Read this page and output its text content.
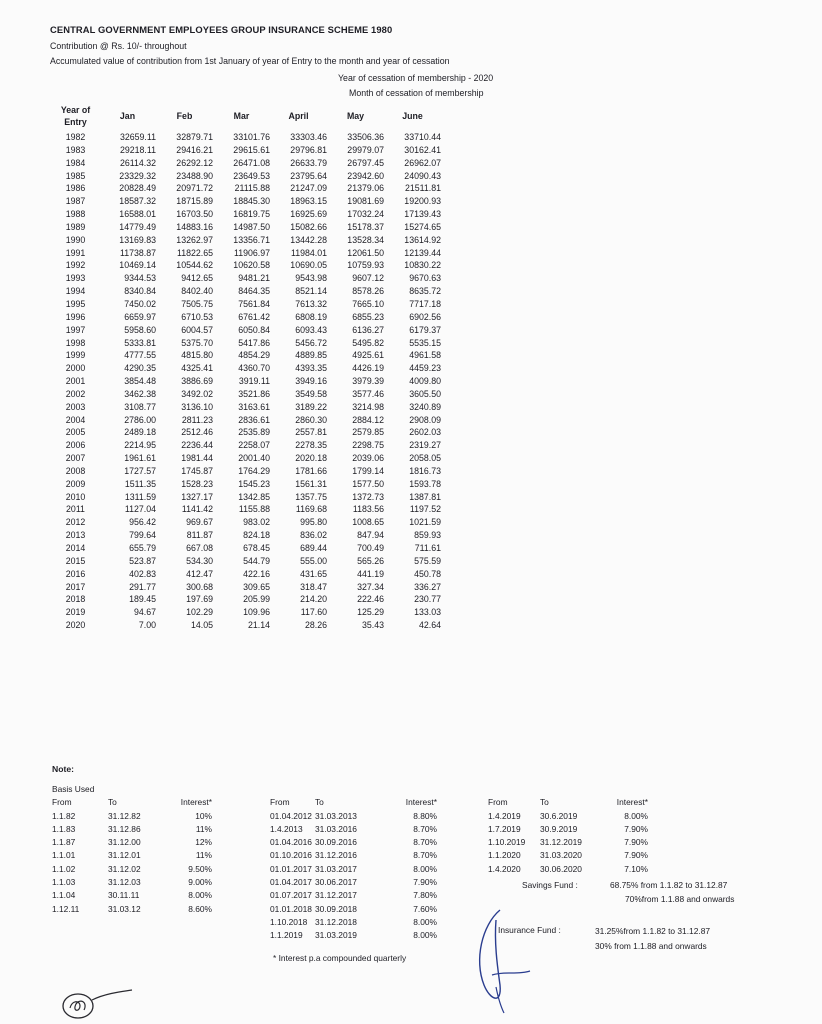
CENTRAL GOVERNMENT EMPLOYEES GROUP INSURANCE SCHEME 1980
Contribution @ Rs. 10/- throughout
Accumulated value of contribution from 1st January of year of Entry to the month and year of cessation
Year of cessation of membership - 2020
Month of cessation of membership
Year of
Entry	Jan	Feb	Mar	April	May	June
1982	32659.11	32879.71	33101.76	33303.46	33506.36	33710.44
1983	29218.11	29416.21	29615.61	29796.81	29979.07	30162.41
1984	26114.32	26292.12	26471.08	26633.79	26797.45	26962.07
1985	23329.32	23488.90	23649.53	23795.64	23942.60	24090.43
1986	20828.49	20971.72	21115.88	21247.09	21379.06	21511.81
1987	18587.32	18715.89	18845.30	18963.15	19081.69	19200.93
1988	16588.01	16703.50	16819.75	16925.69	17032.24	17139.43
1989	14779.49	14883.16	14987.50	15082.66	15178.37	15274.65
1990	13169.83	13262.97	13356.71	13442.28	13528.34	13614.92
1991	11738.87	11822.65	11906.97	11984.01	12061.50	12139.44
1992	10469.14	10544.62	10620.58	10690.05	10759.93	10830.22
1993	9344.53	9412.65	9481.21	9543.98	9607.12	9670.63
1994	8340.84	8402.40	8464.35	8521.14	8578.26	8635.72
1995	7450.02	7505.75	7561.84	7613.32	7665.10	7717.18
1996	6659.97	6710.53	6761.42	6808.19	6855.23	6902.56
1997	5958.60	6004.57	6050.84	6093.43	6136.27	6179.37
1998	5333.81	5375.70	5417.86	5456.72	5495.82	5535.15
1999	4777.55	4815.80	4854.29	4889.85	4925.61	4961.58
2000	4290.35	4325.41	4360.70	4393.35	4426.19	4459.23
2001	3854.48	3886.69	3919.11	3949.16	3979.39	4009.80
2002	3462.38	3492.02	3521.86	3549.58	3577.46	3605.50
2003	3108.77	3136.10	3163.61	3189.22	3214.98	3240.89
2004	2786.00	2811.23	2836.61	2860.30	2884.12	2908.09
2005	2489.18	2512.46	2535.89	2557.81	2579.85	2602.03
2006	2214.95	2236.44	2258.07	2278.35	2298.75	2319.27
2007	1961.61	1981.44	2001.40	2020.18	2039.06	2058.05
2008	1727.57	1745.87	1764.29	1781.66	1799.14	1816.73
2009	1511.35	1528.23	1545.23	1561.31	1577.50	1593.78
2010	1311.59	1327.17	1342.85	1357.75	1372.73	1387.81
2011	1127.04	1141.42	1155.88	1169.68	1183.56	1197.52
2012	956.42	969.67	983.02	995.80	1008.65	1021.59
2013	799.64	811.87	824.18	836.02	847.94	859.93
2014	655.79	667.08	678.45	689.44	700.49	711.61
2015	523.87	534.30	544.79	555.00	565.26	575.59
2016	402.83	412.47	422.16	431.65	441.19	450.78
2017	291.77	300.68	309.65	318.47	327.34	336.27
2018	189.45	197.69	205.99	214.20	222.46	230.77
2019	94.67	102.29	109.96	117.60	125.29	133.03
2020	7.00	14.05	21.14	28.26	35.43	42.64
Note:
Basis Used		
From	To	Interest*
1.1.82	31.12.82	10%
1.1.83	31.12.86	11%
1.1.87	31.12.00	12%
1.1.01	31.12.01	11%
1.1.02	31.12.02	9.50%
1.1.03	31.12.03	9.00%
1.1.04	30.11.11	8.00%
1.12.11	31.03.12	8.60%

From	To	Interest*
01.04.2012	31.03.2013	8.80%
1.4.2013	31.03.2016	8.70%
01.04.2016	30.09.2016	8.70%
01.10.2016	31.12.2016	8.70%
01.01.2017	31.03.2017	8.00%
01.04.2017	30.06.2017	7.90%
01.07.2017	31.12.2017	7.80%
01.01.2018	30.09.2018	7.60%
1.10.2018	31.12.2018	8.00%
1.1.2019	31.03.2019	8.00%

From	To	Interest*
1.4.2019	30.6.2019	8.00%
1.7.2019	30.9.2019	7.90%
1.10.2019	31.12.2019	7.90%
1.1.2020	31.03.2020	7.90%
1.4.2020	30.06.2020	7.10%
* Interest p.a compounded quarterly
Savings Fund :	68.75% from 1.1.82 to 31.12.87
70%from 1.1.88 and onwards
Insurance Fund :	31.25%from 1.1.82 to 31.12.87
30% from 1.1.88 and onwards
